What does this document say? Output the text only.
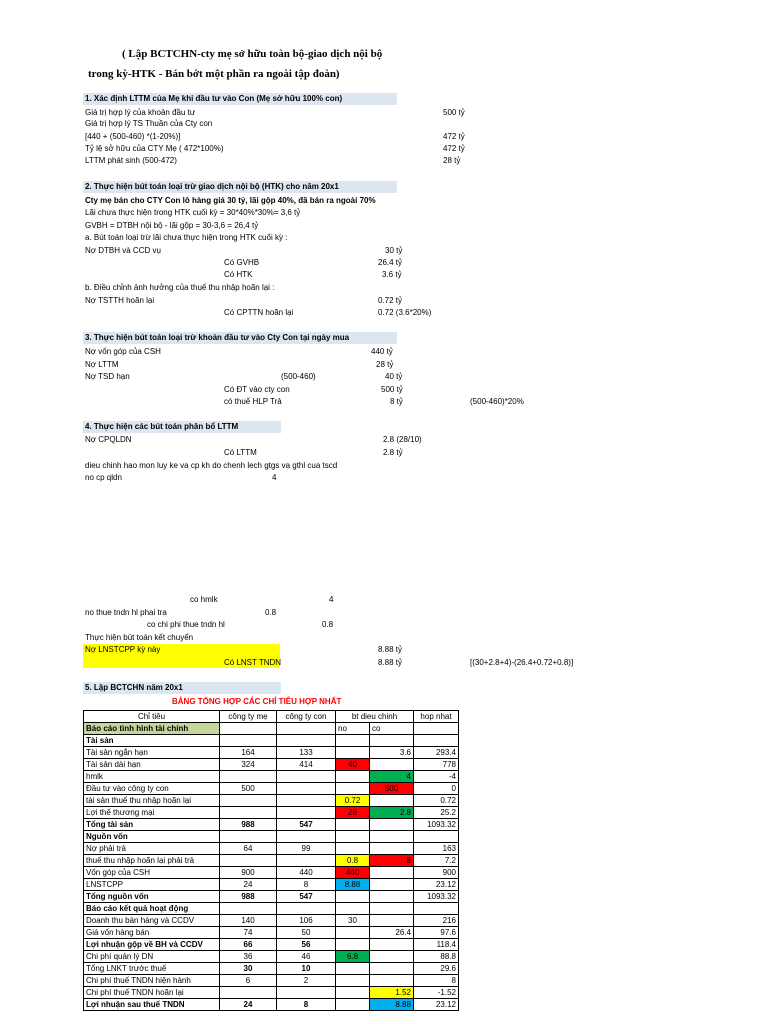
( Lập BCTCHN-cty mẹ sở hữu toàn bộ-giao dịch nội bộ
trong kỳ-HTK - Bán bớt một phần ra ngoài tập đoàn)
1. Xác định LTTM của Mẹ khi đầu tư vào Con (Mẹ sở hữu 100% con)
Giá trị hợp lý của khoản đầu tư	500 tỷ
Giá trị hợp lý TS Thuần của Cty con
[440 + (500-460) *(1-20%)]	472 tỷ
Tỷ lệ sở hữu của CTY Mẹ ( 472*100%)	472 tỷ
LTTM phát sinh (500-472)	28 tỷ
2. Thực hiện bút toán loại trừ giao dịch nội bộ (HTK) cho năm 20x1
Cty mẹ bán cho CTY Con lô hàng giá 30 tỷ, lãi gộp 40%, đã bán ra ngoài 70%
Lãi chưa thực hiện trong HTK cuối kỳ = 30*40%*30%= 3,6 tỷ
GVBH = DTBH nội bộ - lãi gộp = 30-3,6 = 26,4 tỷ
a. Bút toán loại trừ lãi chưa thực hiện trong HTK cuối kỳ :
Nợ DTBH và CCD vụ	30 tỷ
Có GVHB	26.4 tỷ
Có HTK	3.6 tỷ
b. Điều chỉnh ảnh hưởng của thuế thu nhập hoãn lại :
Nợ TSTTH hoãn lại	0.72 tỷ
Có CPTTN hoãn lại	0.72 (3.6*20%)
3. Thực hiện bút toán loại trừ khoản đầu tư vào Cty Con tại ngày mua
Nợ vốn góp của CSH	440 tỷ
Nợ LTTM	28 tỷ
Nợ TSD hạn	(500-460)	40 tỷ
Có ĐT vào cty con	500 tỷ
có thuế HLP Trả	8 tỷ	(500-460)*20%
4. Thực hiện các bút toán phân bổ LTTM
Nợ CPQLDN	2.8 (28/10)
Có LTTM	2.8 tỷ
dieu chinh hao mon luy ke va cp kh do chenh lech gtgs va gthl cua tscd
no cp qldn	4
co hmlk	4
no thue tndn hl phai tra	0.8
co chi phi thue tndn hl	0.8
Thực hiện bút toán kết chuyển
Nợ LNSTCPP kỳ này	8.88 tỷ
Có LNST TNDN	8.88 tỷ	[(30+2.8+4)-(26.4+0.72+0.8)]
5. Lập BCTCHN năm 20x1
BẢNG TỔNG HỢP CÁC CHỈ TIÊU HỢP NHẤT
Chỉ tiêu	công ty mẹ	công ty con	bt dieu chinh		hop nhat
Báo cáo tình hình tài chính			no	co	
Tài sản					
Tài sản ngắn hạn	164	133		3.6	293.4
Tài sản dài hạn	324	414	40		778
hmlk				4	-4
Đầu tư vào công ty con	500			500	0
tài sản thuế thu nhập hoãn lại			0.72		0.72
Lợi thế thương mại			28	2.8	25.2
Tổng tài sản	988	547			1093.32
Nguồn vốn					
Nợ phải trả	64	99			163
thuế thu nhập hoãn lại phải trả			0.8	8	7.2
Vốn góp của CSH	900	440	440		900
LNSTCPP	24	8	8.88		23.12
Tổng nguồn vốn	988	547			1093.32
Báo cáo kết quả hoạt động					
Doanh thu bán hàng và CCDV	140	106	30		216
Giá vốn hàng bán	74	50		26.4	97.6
Lợi nhuận gộp về BH và CCDV	66	56			118.4
Chi phí quản lý DN	36	46	6.8		88.8
Tổng LNKT trước thuế	30	10			29.6
Chi phí thuế TNDN hiện hành	6	2			8
Chi phí thuế TNDN hoãn lại				1.52	-1.52
Lợi nhuận sau thuế TNDN	24	8		8.88	23.12
